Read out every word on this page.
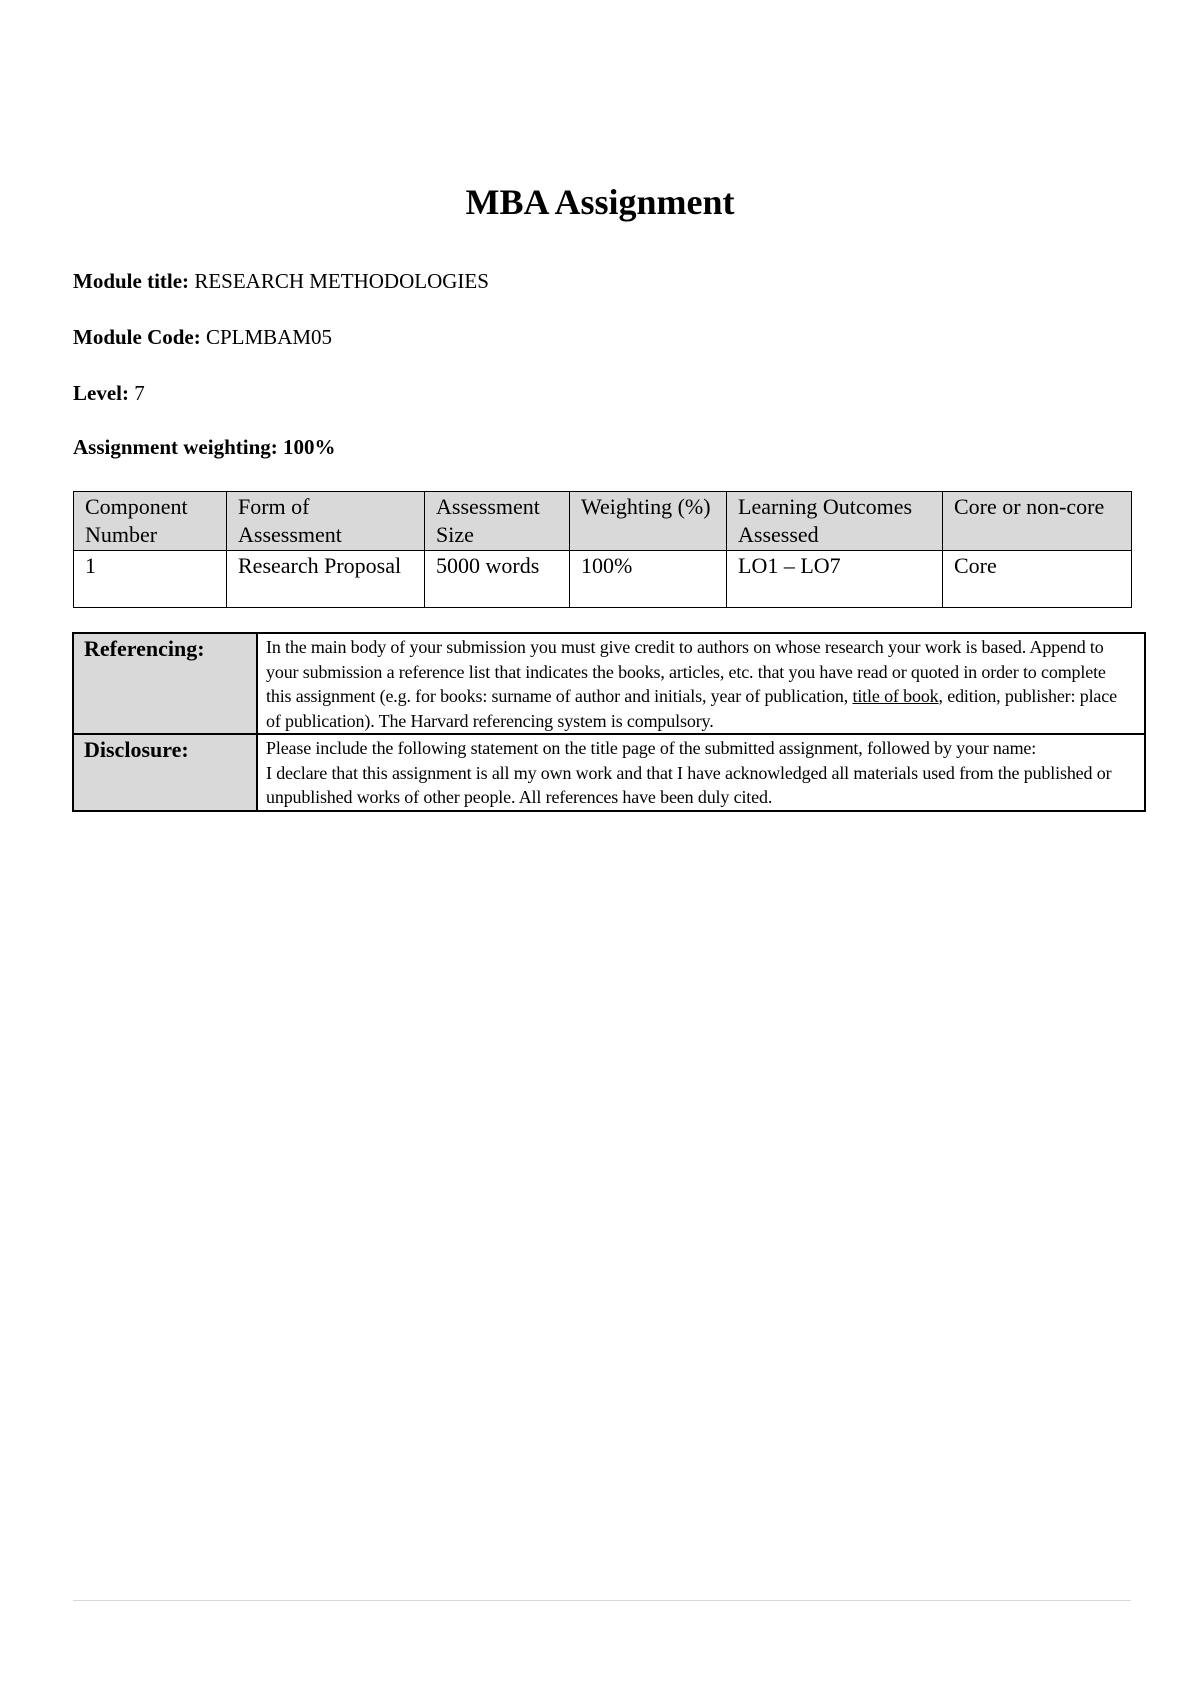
MBA Assignment
Module title: RESEARCH METHODOLOGIES
Module Code: CPLMBAM05
Level: 7
Assignment weighting: 100%
Component Number	Form of Assessment	Assessment Size	Weighting (%)	Learning Outcomes Assessed	Core or non-core
1	Research Proposal	5000 words	100%	LO1 – LO7	Core
Referencing:	In the main body of your submission you must give credit to authors on whose research your work is based. Append to your submission a reference list that indicates the books, articles, etc. that you have read or quoted in order to complete this assignment (e.g. for books: surname of author and initials, year of publication, title of book, edition, publisher: place of publication). The Harvard referencing system is compulsory.
Disclosure:	Please include the following statement on the title page of the submitted assignment, followed by your name:
I declare that this assignment is all my own work and that I have acknowledged all materials used from the published or unpublished works of other people. All references have been duly cited.
